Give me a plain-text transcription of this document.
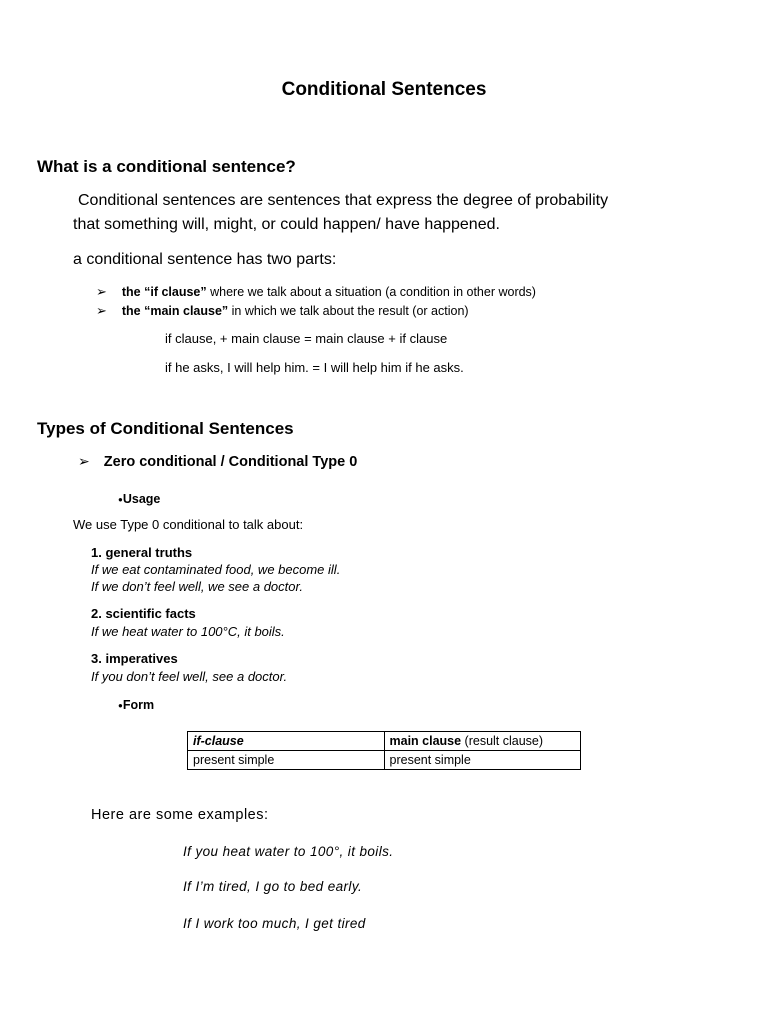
Conditional Sentences
What is a conditional sentence?
Conditional sentences are sentences that express the degree of probability
that something will, might, or could happen/ have happened.
a conditional sentence has two parts:
➢ the “if clause” where we talk about a situation (a condition in other words)
➢ the “main clause” in which we talk about the result (or action)
if clause, + main clause = main clause + if clause
if he asks, I will help him. = I will help him if he asks.
Types of Conditional Sentences
➢ Zero conditional / Conditional Type 0
●Usage
We use Type 0 conditional to talk about:
1. general truths
If we eat contaminated food, we become ill.
If we don’t feel well, we see a doctor.
2. scientific facts
If we heat water to 100°C, it boils.
3. imperatives
If you don’t feel well, see a doctor.
●Form
if-clause	main clause (result clause)
present simple	present simple
Here are some examples:
If you heat water to 100°, it boils.
If I’m tired, I go to bed early.
If I work too much, I get tired
